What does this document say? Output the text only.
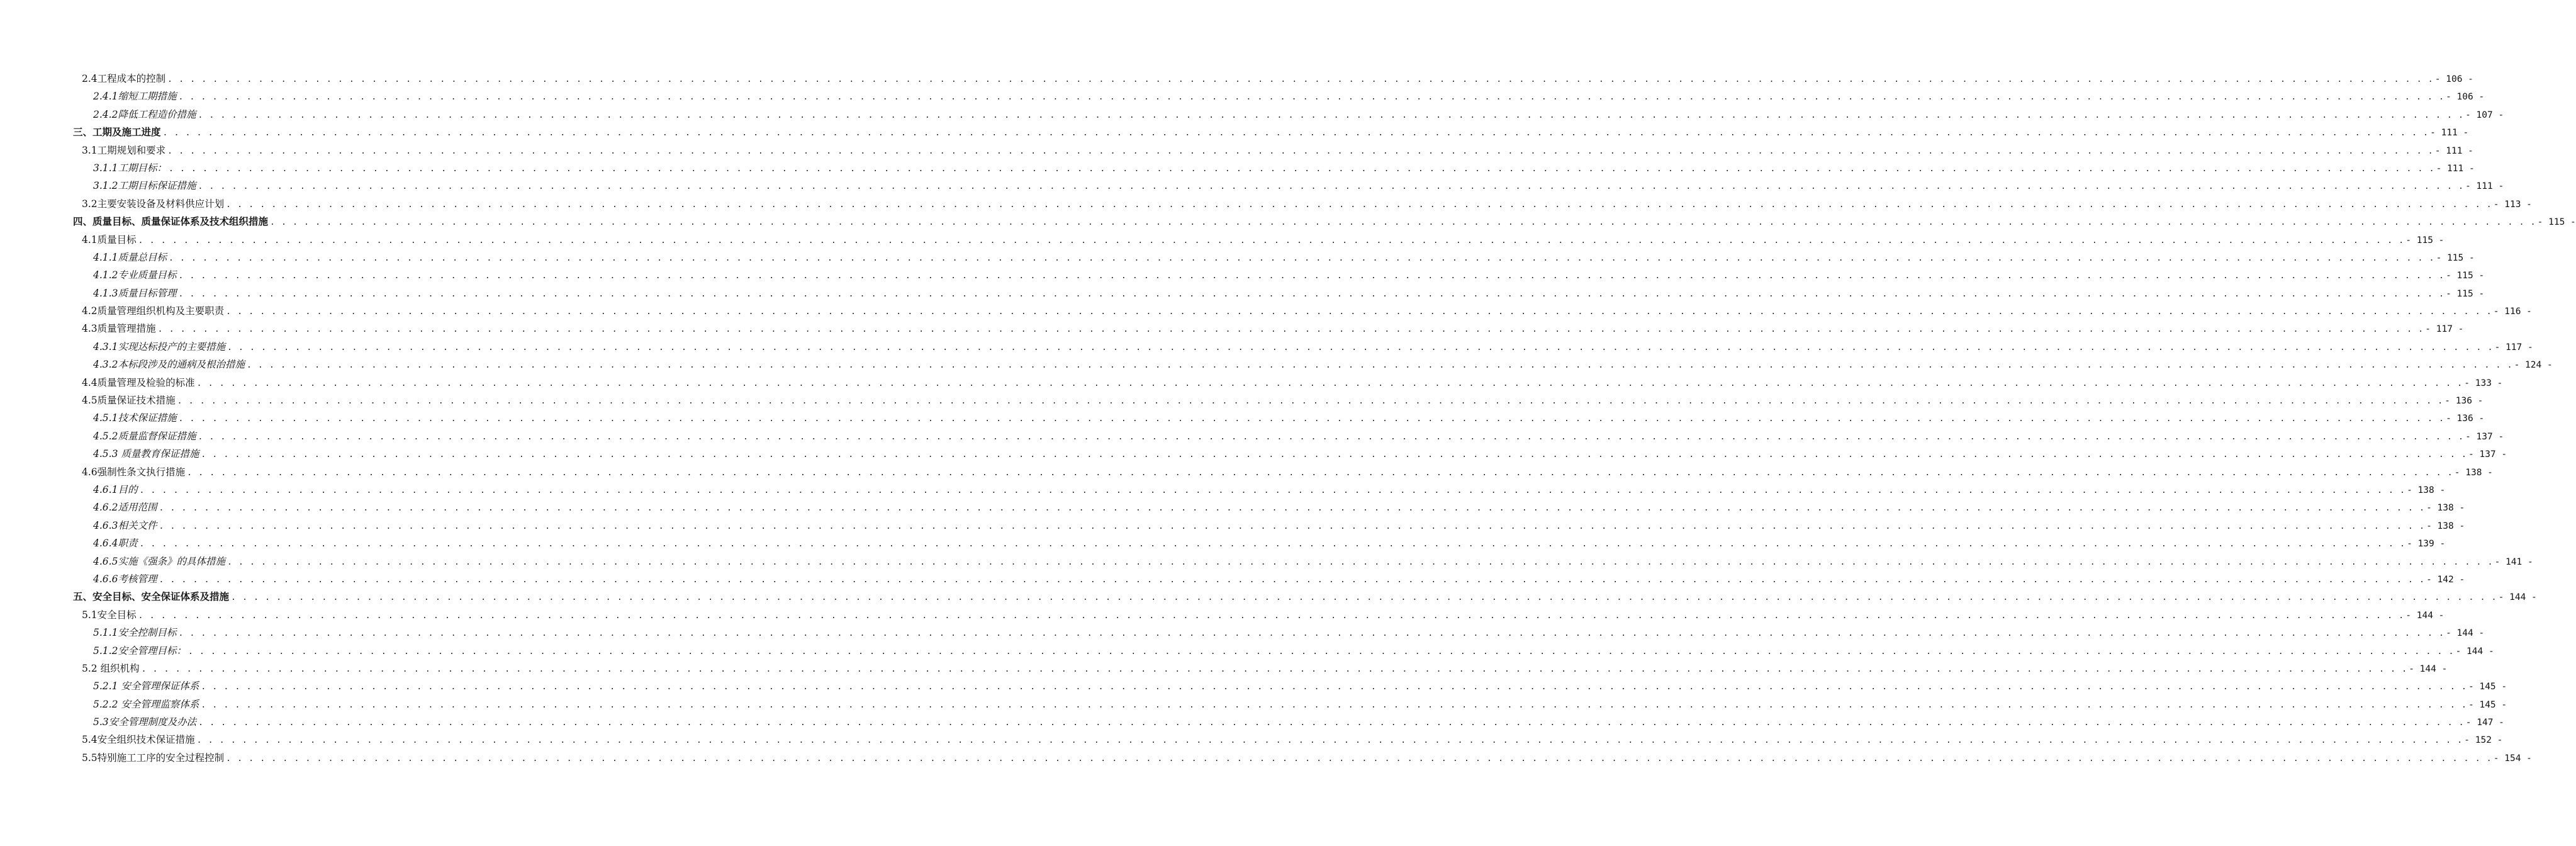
2.4工程成本的控制 . . . . . . . . . . . . . . . . . . . . . . . . . . . . . . . . . . . . . . . . . . . . . . . . . . . . . . . . . . . . . . . . . . . . . . . . . . . . . . . . . . . . . . . . . . . . . . . . . . . . . . . . . . . . . . . . . . . . . . . . . . . . . . . . . . . . . . . . . . . . . . . . . . . . . . . . . . . . . . . . . . . . . . . . . . . . . . . . . . . . . . . . . . . . . . . . . . . . . . . . - 106 -
2.4.1缩短工期措施 . . . . . . . . . . . . . . . . . . . . . . . . . . . . . . . . . . . . . . . . . . . . . . . . . . . . . . . . . . . . . . . . . . . . . . . . . . . . . . . . . . . . . . . . . . . . . . . . . . . . . . . . . . . . . . . . . . . . . . . . . . . . . . . . . . . . . . . . . . . . . . . . . . . . . . . . . . . . . . . . . . . . . . . . . . . . . . . . . . . . . . . . . . . . . . . . . . . . . . . . - 106 -
2.4.2降低工程造价措施 . . . . . . . . . . . . . . . . . . . . . . . . . . . . . . . . . . . . . . . . . . . . . . . . . . . . . . . . . . . . . . . . . . . . . . . . . . . . . . . . . . . . . . . . . . . . . . . . . . . . . . . . . . . . . . . . . . . . . . . . . . . . . . . . . . . . . . . . . . . . . . . . . . . . . . . . . . . . . . . . . . . . . . . . . . . . . . . . . . . . . . . . . . . . . . . . . . . . . . . . - 107 -
三、工期及施工进度 . . . . . . . . . . . . . . . . . . . . . . . . . . . . . . . . . . . . . . . . . . . . . . . . . . . . . . . . . . . . . . . . . . . . . . . . . . . . . . . . . . . . . . . . . . . . . . . . . . . . . . . . . . . . . . . . . . . . . . . . . . . . . . . . . . . . . . . . . . . . . . . . . . . . . . . . . . . . . . . . . . . . . . . . . . . . . . . . . . . . . . . . . . . . . . . . . . . . . . . . - 111 -
3.1工期规划和要求 . . . . . . . . . . . . . . . . . . . . . . . . . . . . . . . . . . . . . . . . . . . . . . . . . . . . . . . . . . . . . . . . . . . . . . . . . . . . . . . . . . . . . . . . . . . . . . . . . . . . . . . . . . . . . . . . . . . . . . . . . . . . . . . . . . . . . . . . . . . . . . . . . . . . . . . . . . . . . . . . . . . . . . . . . . . . . . . . . . . . . . . . . . . . . . . . . . . . . . . . - 111 -
3.1.1工期目标： . . . . . . . . . . . . . . . . . . . . . . . . . . . . . . . . . . . . . . . . . . . . . . . . . . . . . . . . . . . . . . . . . . . . . . . . . . . . . . . . . . . . . . . . . . . . . . . . . . . . . . . . . . . . . . . . . . . . . . . . . . . . . . . . . . . . . . . . . . . . . . . . . . . . . . . . . . . . . . . . . . . . . . . . . . . . . . . . . . . . . . . . . . . . . . . . . . . . . . . . - 111 -
3.1.2工期目标保证措施 . . . . . . . . . . . . . . . . . . . . . . . . . . . . . . . . . . . . . . . . . . . . . . . . . . . . . . . . . . . . . . . . . . . . . . . . . . . . . . . . . . . . . . . . . . . . . . . . . . . . . . . . . . . . . . . . . . . . . . . . . . . . . . . . . . . . . . . . . . . . . . . . . . . . . . . . . . . . . . . . . . . . . . . . . . . . . . . . . . . . . . . . . . . . . . . . . . . . . . . . - 111 -
3.2主要安装设备及材料供应计划 . . . . . . . . . . . . . . . . . . . . . . . . . . . . . . . . . . . . . . . . . . . . . . . . . . . . . . . . . . . . . . . . . . . . . . . . . . . . . . . . . . . . . . . . . . . . . . . . . . . . . . . . . . . . . . . . . . . . . . . . . . . . . . . . . . . . . . . . . . . . . . . . . . . . . . . . . . . . . . . . . . . . . . . . . . . . . . . . . . . . . . . . . . . . . . . . . . . . . . . . - 113 -
四、质量目标、质量保证体系及技术组织措施 . . . . . . . . . . . . . . . . . . . . . . . . . . . . . . . . . . . . . . . . . . . . . . . . . . . . . . . . . . . . . . . . . . . . . . . . . . . . . . . . . . . . . . . . . . . . . . . . . . . . . . . . . . . . . . . . . . . . . . . . . . . . . . . . . . . . . . . . . . . . . . . . . . . . . . . . . . . . . . . . . . . . . . . . . . . . . . . . . . . . . . . . . . . . . . . . . . . . . . . . - 115 -
4.1质量目标 . . . . . . . . . . . . . . . . . . . . . . . . . . . . . . . . . . . . . . . . . . . . . . . . . . . . . . . . . . . . . . . . . . . . . . . . . . . . . . . . . . . . . . . . . . . . . . . . . . . . . . . . . . . . . . . . . . . . . . . . . . . . . . . . . . . . . . . . . . . . . . . . . . . . . . . . . . . . . . . . . . . . . . . . . . . . . . . . . . . . . . . . . . . . . . . . . . . . . . . . - 115 -
4.1.1质量总目标 . . . . . . . . . . . . . . . . . . . . . . . . . . . . . . . . . . . . . . . . . . . . . . . . . . . . . . . . . . . . . . . . . . . . . . . . . . . . . . . . . . . . . . . . . . . . . . . . . . . . . . . . . . . . . . . . . . . . . . . . . . . . . . . . . . . . . . . . . . . . . . . . . . . . . . . . . . . . . . . . . . . . . . . . . . . . . . . . . . . . . . . . . . . . . . . . . . . . . . . . - 115 -
4.1.2专业质量目标 . . . . . . . . . . . . . . . . . . . . . . . . . . . . . . . . . . . . . . . . . . . . . . . . . . . . . . . . . . . . . . . . . . . . . . . . . . . . . . . . . . . . . . . . . . . . . . . . . . . . . . . . . . . . . . . . . . . . . . . . . . . . . . . . . . . . . . . . . . . . . . . . . . . . . . . . . . . . . . . . . . . . . . . . . . . . . . . . . . . . . . . . . . . . . . . . . . . . . . . . - 115 -
4.1.3质量目标管理 . . . . . . . . . . . . . . . . . . . . . . . . . . . . . . . . . . . . . . . . . . . . . . . . . . . . . . . . . . . . . . . . . . . . . . . . . . . . . . . . . . . . . . . . . . . . . . . . . . . . . . . . . . . . . . . . . . . . . . . . . . . . . . . . . . . . . . . . . . . . . . . . . . . . . . . . . . . . . . . . . . . . . . . . . . . . . . . . . . . . . . . . . . . . . . . . . . . . . . . . - 115 -
4.2质量管理组织机构及主要职责 . . . . . . . . . . . . . . . . . . . . . . . . . . . . . . . . . . . . . . . . . . . . . . . . . . . . . . . . . . . . . . . . . . . . . . . . . . . . . . . . . . . . . . . . . . . . . . . . . . . . . . . . . . . . . . . . . . . . . . . . . . . . . . . . . . . . . . . . . . . . . . . . . . . . . . . . . . . . . . . . . . . . . . . . . . . . . . . . . . . . . . . . . . . . . . . . . . . . . . . . - 116 -
4.3质量管理措施 . . . . . . . . . . . . . . . . . . . . . . . . . . . . . . . . . . . . . . . . . . . . . . . . . . . . . . . . . . . . . . . . . . . . . . . . . . . . . . . . . . . . . . . . . . . . . . . . . . . . . . . . . . . . . . . . . . . . . . . . . . . . . . . . . . . . . . . . . . . . . . . . . . . . . . . . . . . . . . . . . . . . . . . . . . . . . . . . . . . . . . . . . . . . . . . . . . . . . . . . - 117 -
4.3.1实现达标投产的主要措施 . . . . . . . . . . . . . . . . . . . . . . . . . . . . . . . . . . . . . . . . . . . . . . . . . . . . . . . . . . . . . . . . . . . . . . . . . . . . . . . . . . . . . . . . . . . . . . . . . . . . . . . . . . . . . . . . . . . . . . . . . . . . . . . . . . . . . . . . . . . . . . . . . . . . . . . . . . . . . . . . . . . . . . . . . . . . . . . . . . . . . . . . . . . . . . . . . . . . . . . . - 117 -
4.3.2本标段涉及的通病及根治措施 . . . . . . . . . . . . . . . . . . . . . . . . . . . . . . . . . . . . . . . . . . . . . . . . . . . . . . . . . . . . . . . . . . . . . . . . . . . . . . . . . . . . . . . . . . . . . . . . . . . . . . . . . . . . . . . . . . . . . . . . . . . . . . . . . . . . . . . . . . . . . . . . . . . . . . . . . . . . . . . . . . . . . . . . . . . . . . . . . . . . . . . . . . . . . . . . . . . . . . . . - 124 -
4.4质量管理及检验的标准 . . . . . . . . . . . . . . . . . . . . . . . . . . . . . . . . . . . . . . . . . . . . . . . . . . . . . . . . . . . . . . . . . . . . . . . . . . . . . . . . . . . . . . . . . . . . . . . . . . . . . . . . . . . . . . . . . . . . . . . . . . . . . . . . . . . . . . . . . . . . . . . . . . . . . . . . . . . . . . . . . . . . . . . . . . . . . . . . . . . . . . . . . . . . . . . . . . . . . . . . - 133 -
4.5质量保证技术措施 . . . . . . . . . . . . . . . . . . . . . . . . . . . . . . . . . . . . . . . . . . . . . . . . . . . . . . . . . . . . . . . . . . . . . . . . . . . . . . . . . . . . . . . . . . . . . . . . . . . . . . . . . . . . . . . . . . . . . . . . . . . . . . . . . . . . . . . . . . . . . . . . . . . . . . . . . . . . . . . . . . . . . . . . . . . . . . . . . . . . . . . . . . . . . . . . . . . . . . . . - 136 -
4.5.1技术保证措施 . . . . . . . . . . . . . . . . . . . . . . . . . . . . . . . . . . . . . . . . . . . . . . . . . . . . . . . . . . . . . . . . . . . . . . . . . . . . . . . . . . . . . . . . . . . . . . . . . . . . . . . . . . . . . . . . . . . . . . . . . . . . . . . . . . . . . . . . . . . . . . . . . . . . . . . . . . . . . . . . . . . . . . . . . . . . . . . . . . . . . . . . . . . . . . . . . . . . . . . . - 136 -
4.5.2质量监督保证措施 . . . . . . . . . . . . . . . . . . . . . . . . . . . . . . . . . . . . . . . . . . . . . . . . . . . . . . . . . . . . . . . . . . . . . . . . . . . . . . . . . . . . . . . . . . . . . . . . . . . . . . . . . . . . . . . . . . . . . . . . . . . . . . . . . . . . . . . . . . . . . . . . . . . . . . . . . . . . . . . . . . . . . . . . . . . . . . . . . . . . . . . . . . . . . . . . . . . . . . . . - 137 -
4.5.3 质量教育保证措施 . . . . . . . . . . . . . . . . . . . . . . . . . . . . . . . . . . . . . . . . . . . . . . . . . . . . . . . . . . . . . . . . . . . . . . . . . . . . . . . . . . . . . . . . . . . . . . . . . . . . . . . . . . . . . . . . . . . . . . . . . . . . . . . . . . . . . . . . . . . . . . . . . . . . . . . . . . . . . . . . . . . . . . . . . . . . . . . . . . . . . . . . . . . . . . . . . . . . . . . . - 137 -
4.6强制性条文执行措施 . . . . . . . . . . . . . . . . . . . . . . . . . . . . . . . . . . . . . . . . . . . . . . . . . . . . . . . . . . . . . . . . . . . . . . . . . . . . . . . . . . . . . . . . . . . . . . . . . . . . . . . . . . . . . . . . . . . . . . . . . . . . . . . . . . . . . . . . . . . . . . . . . . . . . . . . . . . . . . . . . . . . . . . . . . . . . . . . . . . . . . . . . . . . . . . . . . . . . . . . - 138 -
4.6.1目的 . . . . . . . . . . . . . . . . . . . . . . . . . . . . . . . . . . . . . . . . . . . . . . . . . . . . . . . . . . . . . . . . . . . . . . . . . . . . . . . . . . . . . . . . . . . . . . . . . . . . . . . . . . . . . . . . . . . . . . . . . . . . . . . . . . . . . . . . . . . . . . . . . . . . . . . . . . . . . . . . . . . . . . . . . . . . . . . . . . . . . . . . . . . . . . . . . . . . . . . . - 138 -
4.6.2适用范围 . . . . . . . . . . . . . . . . . . . . . . . . . . . . . . . . . . . . . . . . . . . . . . . . . . . . . . . . . . . . . . . . . . . . . . . . . . . . . . . . . . . . . . . . . . . . . . . . . . . . . . . . . . . . . . . . . . . . . . . . . . . . . . . . . . . . . . . . . . . . . . . . . . . . . . . . . . . . . . . . . . . . . . . . . . . . . . . . . . . . . . . . . . . . . . . . . . . . . . . . - 138 -
4.6.3相关文件 . . . . . . . . . . . . . . . . . . . . . . . . . . . . . . . . . . . . . . . . . . . . . . . . . . . . . . . . . . . . . . . . . . . . . . . . . . . . . . . . . . . . . . . . . . . . . . . . . . . . . . . . . . . . . . . . . . . . . . . . . . . . . . . . . . . . . . . . . . . . . . . . . . . . . . . . . . . . . . . . . . . . . . . . . . . . . . . . . . . . . . . . . . . . . . . . . . . . . . . . - 138 -
4.6.4职责 . . . . . . . . . . . . . . . . . . . . . . . . . . . . . . . . . . . . . . . . . . . . . . . . . . . . . . . . . . . . . . . . . . . . . . . . . . . . . . . . . . . . . . . . . . . . . . . . . . . . . . . . . . . . . . . . . . . . . . . . . . . . . . . . . . . . . . . . . . . . . . . . . . . . . . . . . . . . . . . . . . . . . . . . . . . . . . . . . . . . . . . . . . . . . . . . . . . . . . . . - 139 -
4.6.5实施《强条》的具体措施 . . . . . . . . . . . . . . . . . . . . . . . . . . . . . . . . . . . . . . . . . . . . . . . . . . . . . . . . . . . . . . . . . . . . . . . . . . . . . . . . . . . . . . . . . . . . . . . . . . . . . . . . . . . . . . . . . . . . . . . . . . . . . . . . . . . . . . . . . . . . . . . . . . . . . . . . . . . . . . . . . . . . . . . . . . . . . . . . . . . . . . . . . . . . . . . . . . . . . . . . - 141 -
4.6.6考核管理 . . . . . . . . . . . . . . . . . . . . . . . . . . . . . . . . . . . . . . . . . . . . . . . . . . . . . . . . . . . . . . . . . . . . . . . . . . . . . . . . . . . . . . . . . . . . . . . . . . . . . . . . . . . . . . . . . . . . . . . . . . . . . . . . . . . . . . . . . . . . . . . . . . . . . . . . . . . . . . . . . . . . . . . . . . . . . . . . . . . . . . . . . . . . . . . . . . . . . . . . - 142 -
五、安全目标、安全保证体系及措施 . . . . . . . . . . . . . . . . . . . . . . . . . . . . . . . . . . . . . . . . . . . . . . . . . . . . . . . . . . . . . . . . . . . . . . . . . . . . . . . . . . . . . . . . . . . . . . . . . . . . . . . . . . . . . . . . . . . . . . . . . . . . . . . . . . . . . . . . . . . . . . . . . . . . . . . . . . . . . . . . . . . . . . . . . . . . . . . . . . . . . . . . . . . . . . . . . . . . . . . . - 144 -
5.1安全目标 . . . . . . . . . . . . . . . . . . . . . . . . . . . . . . . . . . . . . . . . . . . . . . . . . . . . . . . . . . . . . . . . . . . . . . . . . . . . . . . . . . . . . . . . . . . . . . . . . . . . . . . . . . . . . . . . . . . . . . . . . . . . . . . . . . . . . . . . . . . . . . . . . . . . . . . . . . . . . . . . . . . . . . . . . . . . . . . . . . . . . . . . . . . . . . . . . . . . . . . . - 144 -
5.1.1安全控制目标 . . . . . . . . . . . . . . . . . . . . . . . . . . . . . . . . . . . . . . . . . . . . . . . . . . . . . . . . . . . . . . . . . . . . . . . . . . . . . . . . . . . . . . . . . . . . . . . . . . . . . . . . . . . . . . . . . . . . . . . . . . . . . . . . . . . . . . . . . . . . . . . . . . . . . . . . . . . . . . . . . . . . . . . . . . . . . . . . . . . . . . . . . . . . . . . . . . . . . . . . - 144 -
5.1.2安全管理目标： . . . . . . . . . . . . . . . . . . . . . . . . . . . . . . . . . . . . . . . . . . . . . . . . . . . . . . . . . . . . . . . . . . . . . . . . . . . . . . . . . . . . . . . . . . . . . . . . . . . . . . . . . . . . . . . . . . . . . . . . . . . . . . . . . . . . . . . . . . . . . . . . . . . . . . . . . . . . . . . . . . . . . . . . . . . . . . . . . . . . . . . . . . . . . . . . . . . . . . . . - 144 -
5.2 组织机构 . . . . . . . . . . . . . . . . . . . . . . . . . . . . . . . . . . . . . . . . . . . . . . . . . . . . . . . . . . . . . . . . . . . . . . . . . . . . . . . . . . . . . . . . . . . . . . . . . . . . . . . . . . . . . . . . . . . . . . . . . . . . . . . . . . . . . . . . . . . . . . . . . . . . . . . . . . . . . . . . . . . . . . . . . . . . . . . . . . . . . . . . . . . . . . . . . . . . . . . . - 144 -
5.2.1 安全管理保证体系 . . . . . . . . . . . . . . . . . . . . . . . . . . . . . . . . . . . . . . . . . . . . . . . . . . . . . . . . . . . . . . . . . . . . . . . . . . . . . . . . . . . . . . . . . . . . . . . . . . . . . . . . . . . . . . . . . . . . . . . . . . . . . . . . . . . . . . . . . . . . . . . . . . . . . . . . . . . . . . . . . . . . . . . . . . . . . . . . . . . . . . . . . . . . . . . . . . . . . . . . - 145 -
5.2.2 安全管理监察体系 . . . . . . . . . . . . . . . . . . . . . . . . . . . . . . . . . . . . . . . . . . . . . . . . . . . . . . . . . . . . . . . . . . . . . . . . . . . . . . . . . . . . . . . . . . . . . . . . . . . . . . . . . . . . . . . . . . . . . . . . . . . . . . . . . . . . . . . . . . . . . . . . . . . . . . . . . . . . . . . . . . . . . . . . . . . . . . . . . . . . . . . . . . . . . . . . . . . . . . . . - 145 -
5.3安全管理制度及办法 . . . . . . . . . . . . . . . . . . . . . . . . . . . . . . . . . . . . . . . . . . . . . . . . . . . . . . . . . . . . . . . . . . . . . . . . . . . . . . . . . . . . . . . . . . . . . . . . . . . . . . . . . . . . . . . . . . . . . . . . . . . . . . . . . . . . . . . . . . . . . . . . . . . . . . . . . . . . . . . . . . . . . . . . . . . . . . . . . . . . . . . . . . . . . . . . . . . . . . . . - 147 -
5.4安全组织技术保证措施 . . . . . . . . . . . . . . . . . . . . . . . . . . . . . . . . . . . . . . . . . . . . . . . . . . . . . . . . . . . . . . . . . . . . . . . . . . . . . . . . . . . . . . . . . . . . . . . . . . . . . . . . . . . . . . . . . . . . . . . . . . . . . . . . . . . . . . . . . . . . . . . . . . . . . . . . . . . . . . . . . . . . . . . . . . . . . . . . . . . . . . . . . . . . . . . . . . . . . . . . - 152 -
5.5特别施工工序的安全过程控制 . . . . . . . . . . . . . . . . . . . . . . . . . . . . . . . . . . . . . . . . . . . . . . . . . . . . . . . . . . . . . . . . . . . . . . . . . . . . . . . . . . . . . . . . . . . . . . . . . . . . . . . . . . . . . . . . . . . . . . . . . . . . . . . . . . . . . . . . . . . . . . . . . . . . . . . . . . . . . . . . . . . . . . . . . . . . . . . . . . . . . . . . . . . . . . . . . . . . . . . . - 154 -
